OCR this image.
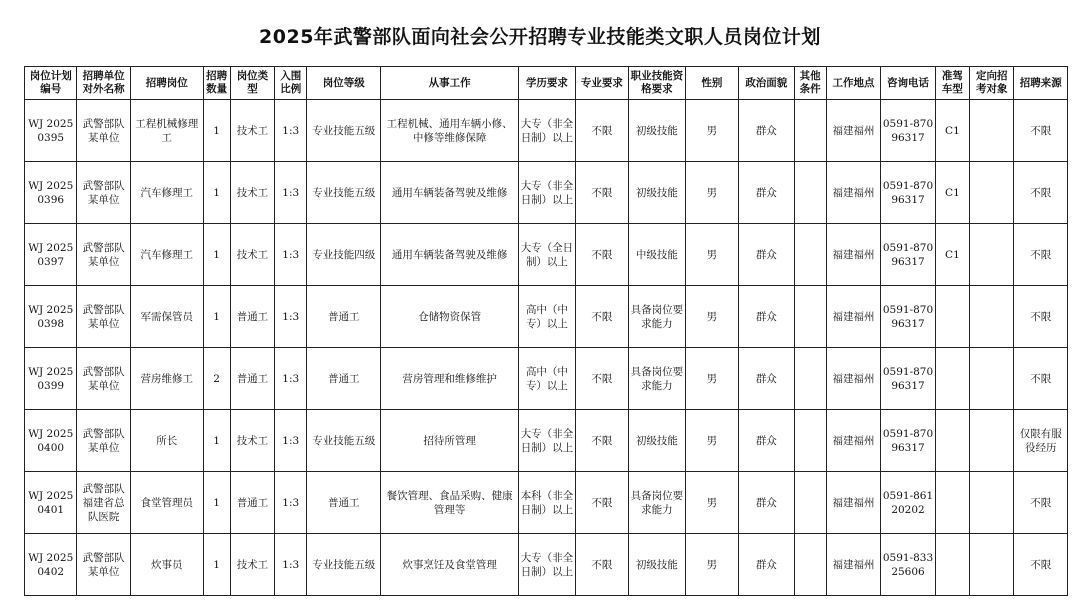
2025年武警部队面向社会公开招聘专业技能类文职人员岗位计划
岗位计划编号	招聘单位对外名称	招聘岗位	招聘数量	岗位类型	入围比例	岗位等级	从事工作	学历要求	专业要求	职业技能资格要求	性别	政治面貌	其他条件	工作地点	咨询电话	准驾车型	定向招考对象	招聘来源
WJ 20250395	武警部队某单位	工程机械修理工	1	技术工	1:3	专业技能五级	工程机械、通用车辆小修、中修等维修保障	大专（非全日制）以上	不限	初级技能	男	群众		福建福州	0591-87096317	C1		不限
WJ 20250396	武警部队某单位	汽车修理工	1	技术工	1:3	专业技能五级	通用车辆装备驾驶及维修	大专（非全日制）以上	不限	初级技能	男	群众		福建福州	0591-87096317	C1		不限
WJ 20250397	武警部队某单位	汽车修理工	1	技术工	1:3	专业技能四级	通用车辆装备驾驶及维修	大专（全日制）以上	不限	中级技能	男	群众		福建福州	0591-87096317	C1		不限
WJ 20250398	武警部队某单位	军需保管员	1	普通工	1:3	普通工	仓储物资保管	高中（中专）以上	不限	具备岗位要求能力	男	群众		福建福州	0591-87096317			不限
WJ 20250399	武警部队某单位	营房维修工	2	普通工	1:3	普通工	营房管理和维修维护	高中（中专）以上	不限	具备岗位要求能力	男	群众		福建福州	0591-87096317			不限
WJ 20250400	武警部队某单位	所长	1	技术工	1:3	专业技能五级	招待所管理	大专（非全日制）以上	不限	初级技能	男	群众		福建福州	0591-87096317			仅限有服役经历
WJ 20250401	武警部队福建省总队医院	食堂管理员	1	普通工	1:3	普通工	餐饮管理、食品采购、健康管理等	本科（非全日制）以上	不限	具备岗位要求能力	男	群众		福建福州	0591-86120202			不限
WJ 20250402	武警部队某单位	炊事员	1	技术工	1:3	专业技能五级	炊事烹饪及食堂管理	大专（非全日制）以上	不限	初级技能	男	群众		福建福州	0591-83325606			不限
